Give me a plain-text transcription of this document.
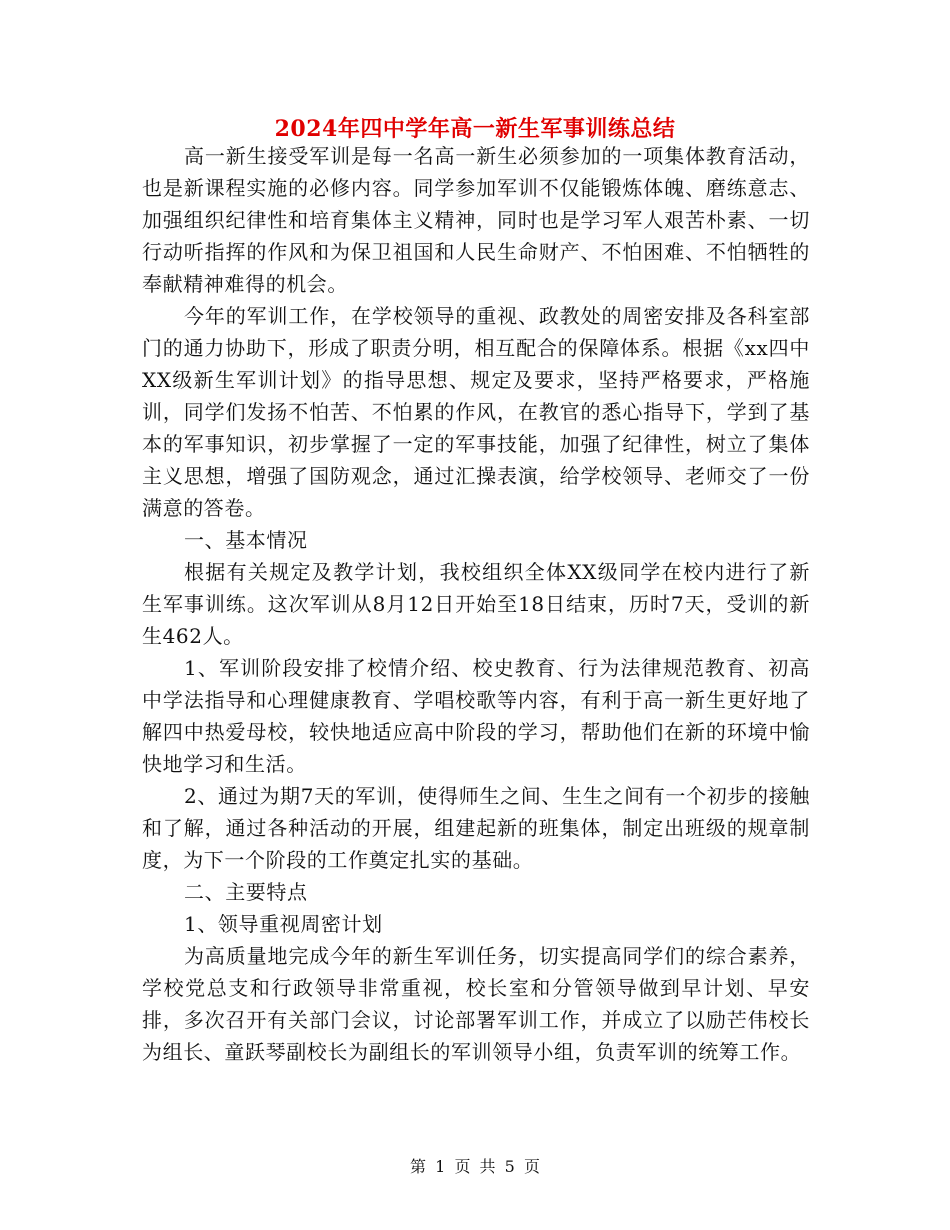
2024年四中学年高一新生军事训练总结

高一新生接受军训是每一名高一新生必须参加的一项集体教育活动，也是新课程实施的必修内容。同学参加军训不仅能锻炼体魄、磨练意志、加强组织纪律性和培育集体主义精神，同时也是学习军人艰苦朴素、一切行动听指挥的作风和为保卫祖国和人民生命财产、不怕困难、不怕牺牲的奉献精神难得的机会。

今年的军训工作，在学校领导的重视、政教处的周密安排及各科室部门的通力协助下，形成了职责分明，相互配合的保障体系。根据《xx四中XX级新生军训计划》的指导思想、规定及要求，坚持严格要求，严格施训，同学们发扬不怕苦、不怕累的作风，在教官的悉心指导下，学到了基本的军事知识，初步掌握了一定的军事技能，加强了纪律性，树立了集体主义思想，增强了国防观念，通过汇操表演，给学校领导、老师交了一份满意的答卷。

一、基本情况

根据有关规定及教学计划，我校组织全体XX级同学在校内进行了新生军事训练。这次军训从8月12日开始至18日结束，历时7天，受训的新生462人。

1、军训阶段安排了校情介绍、校史教育、行为法律规范教育、初高中学法指导和心理健康教育、学唱校歌等内容，有利于高一新生更好地了解四中热爱母校，较快地适应高中阶段的学习，帮助他们在新的环境中愉快地学习和生活。

2、通过为期7天的军训，使得师生之间、生生之间有一个初步的接触和了解，通过各种活动的开展，组建起新的班集体，制定出班级的规章制度，为下一个阶段的工作奠定扎实的基础。

二、主要特点

1、领导重视周密计划

为高质量地完成今年的新生军训任务，切实提高同学们的综合素养，学校党总支和行政领导非常重视，校长室和分管领导做到早计划、早安排，多次召开有关部门会议，讨论部署军训工作，并成立了以励芒伟校长为组长、童跃琴副校长为副组长的军训领导小组，负责军训的统筹工作。

第 1 页 共 5 页
